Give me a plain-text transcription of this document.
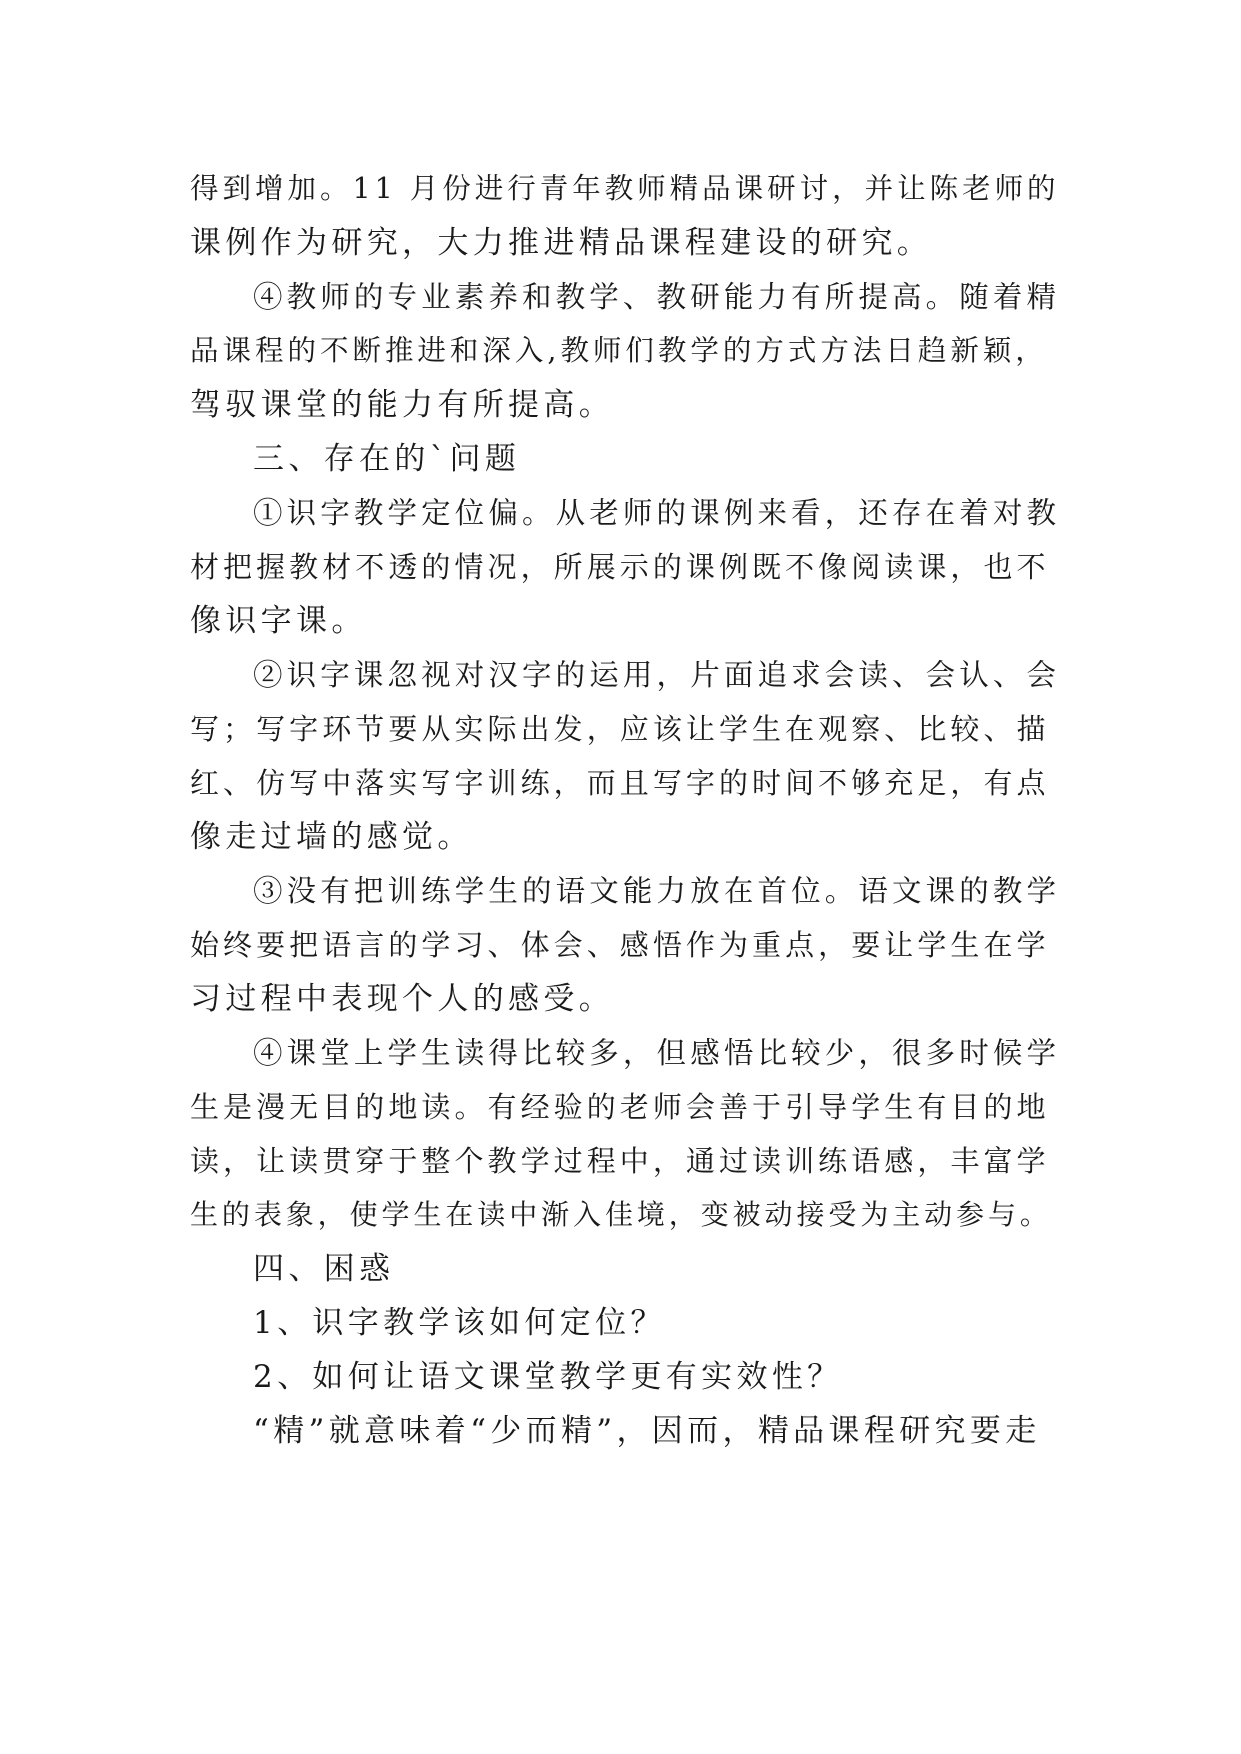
得到增加。11 月份进行青年教师精品课研讨，并让陈老师的
课例作为研究，大力推进精品课程建设的研究。
④教师的专业素养和教学、教研能力有所提高。随着精
品课程的不断推进和深入,教师们教学的方式方法日趋新颖，
驾驭课堂的能力有所提高。
三、存在的`问题
①识字教学定位偏。从老师的课例来看，还存在着对教
材把握教材不透的情况，所展示的课例既不像阅读课，也不
像识字课。
②识字课忽视对汉字的运用，片面追求会读、会认、会
写；写字环节要从实际出发，应该让学生在观察、比较、描
红、仿写中落实写字训练，而且写字的时间不够充足，有点
像走过墙的感觉。
③没有把训练学生的语文能力放在首位。语文课的教学
始终要把语言的学习、体会、感悟作为重点，要让学生在学
习过程中表现个人的感受。
④课堂上学生读得比较多，但感悟比较少，很多时候学
生是漫无目的地读。有经验的老师会善于引导学生有目的地
读，让读贯穿于整个教学过程中，通过读训练语感，丰富学
生的表象，使学生在读中渐入佳境，变被动接受为主动参与。
四、困惑
1、识字教学该如何定位？
2、如何让语文课堂教学更有实效性？
“精”就意味着“少而精”，因而，精品课程研究要走
